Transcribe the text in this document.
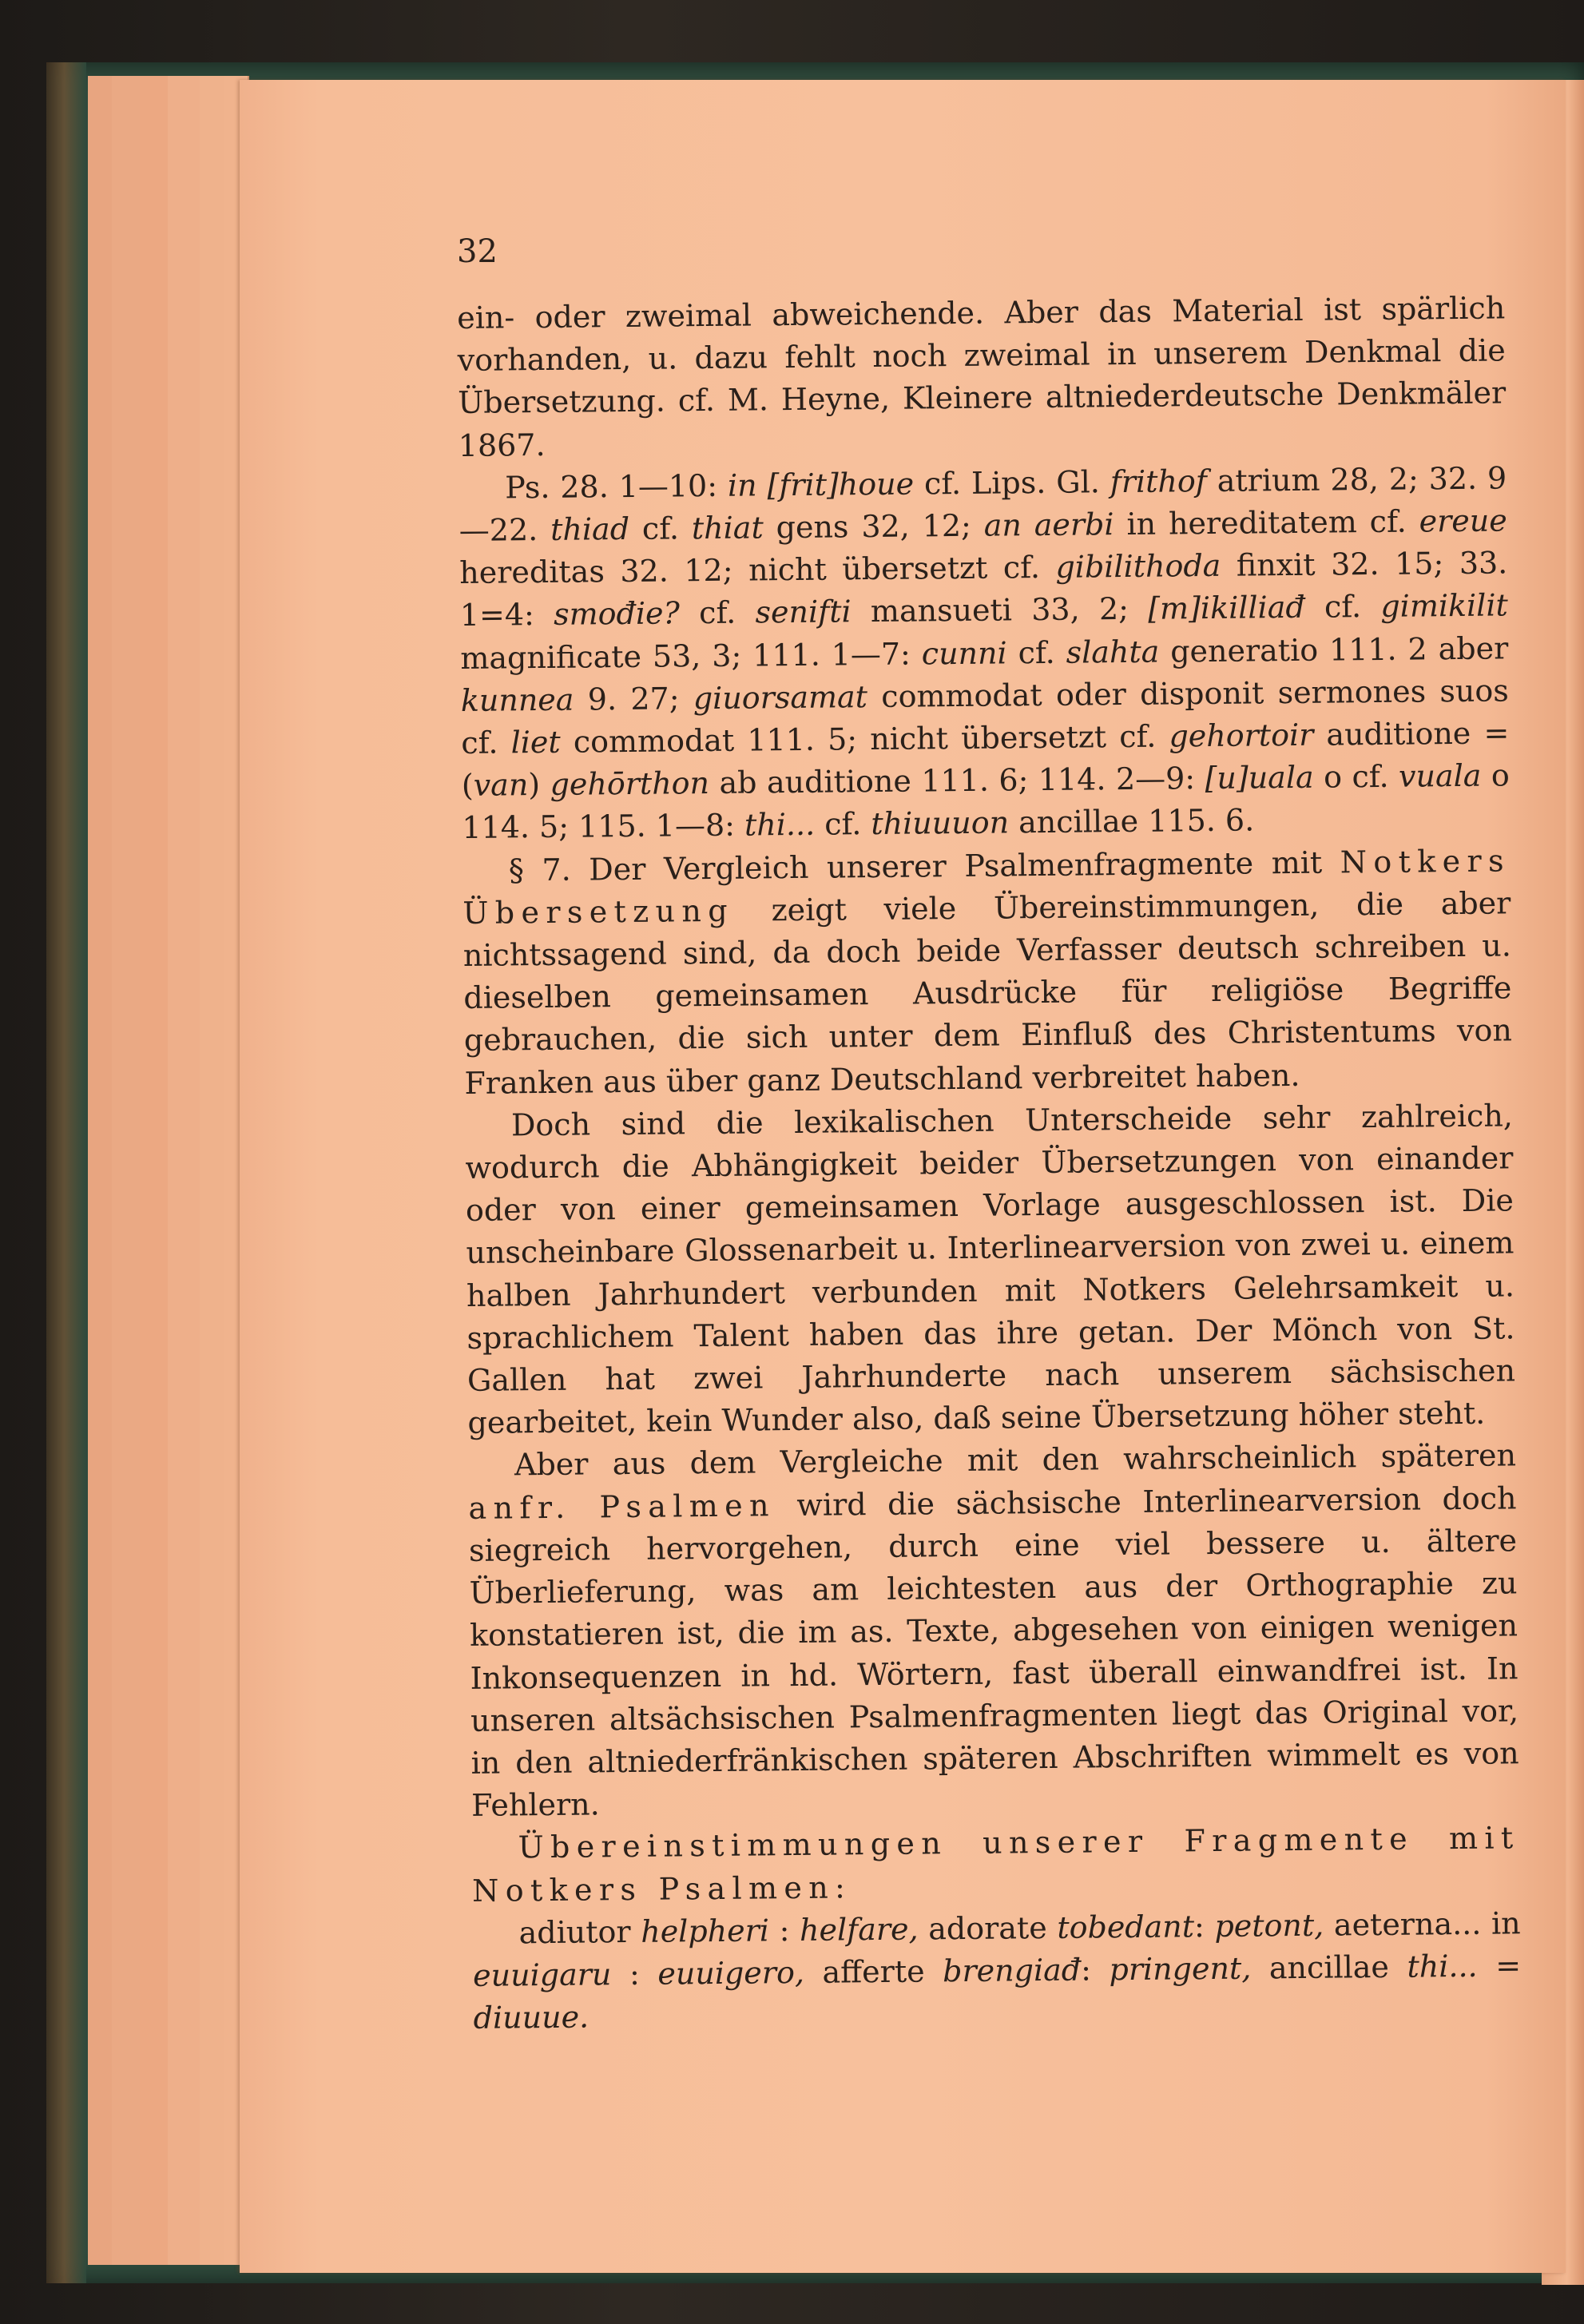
32

ein- oder zweimal abweichende. Aber das Material ist spärlich vorhanden, u. dazu fehlt noch zweimal in unserem Denkmal die Übersetzung. cf. M. Heyne, Kleinere altniederdeutsche Denkmäler 1867.

Ps. 28. 1—10: in [frit]houe cf. Lips. Gl. frithof atrium 28, 2; 32. 9—22. thiad cf. thiat gens 32, 12; an aerbi in hereditatem cf. ereue hereditas 32. 12; nicht übersetzt cf. gibilithoda finxit 32. 15; 33. 1=4: smođie? cf. senifti mansueti 33, 2; [m]ikilliađ cf. gimikilit magnificate 53, 3; 111. 1—7: cunni cf. slahta generatio 111. 2 aber kunnea 9. 27; giuorsamat commodat oder disponit sermones suos cf. liet commodat 111. 5; nicht übersetzt cf. gehortoir auditione = (van) gehōrthon ab auditione 111. 6; 114. 2—9: [u]uala o cf. vuala o 114. 5; 115. 1—8: thi... cf. thiuuuon ancillae 115. 6.

§ 7. Der Vergleich unserer Psalmenfragmente mit Notkers Übersetzung zeigt viele Übereinstimmungen, die aber nichtssagend sind, da doch beide Verfasser deutsch schreiben u. dieselben gemeinsamen Ausdrücke für religiöse Begriffe gebrauchen, die sich unter dem Einfluß des Christentums von Franken aus über ganz Deutschland verbreitet haben.

Doch sind die lexikalischen Unterscheide sehr zahlreich, wodurch die Abhängigkeit beider Übersetzungen von einander oder von einer gemeinsamen Vorlage ausgeschlossen ist. Die unscheinbare Glossenarbeit u. Interlinearversion von zwei u. einem halben Jahrhundert verbunden mit Notkers Gelehrsamkeit u. sprachlichem Talent haben das ihre getan. Der Mönch von St. Gallen hat zwei Jahrhunderte nach unserem sächsischen gearbeitet, kein Wunder also, daß seine Übersetzung höher steht.

Aber aus dem Vergleiche mit den wahrscheinlich späteren anfr. Psalmen wird die sächsische Interlinearversion doch siegreich hervorgehen, durch eine viel bessere u. ältere Überlieferung, was am leichtesten aus der Orthographie zu konstatieren ist, die im as. Texte, abgesehen von einigen wenigen Inkonsequenzen in hd. Wörtern, fast überall einwandfrei ist. In unseren altsächsischen Psalmenfragmenten liegt das Original vor, in den altniederfränkischen späteren Abschriften wimmelt es von Fehlern.

Übereinstimmungen unserer Fragmente mit Notkers Psalmen:

adiutor helpheri : helfare, adorate tobedant: petont, aeterna... in euuigaru : euuigero, afferte brengiađ: pringent, ancillae thi... = diuuue.
